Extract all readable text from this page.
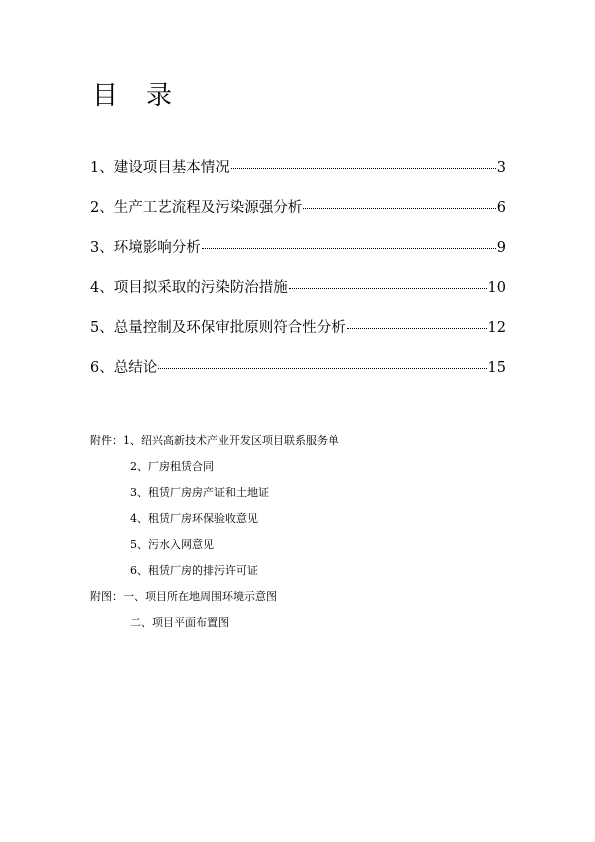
目录
1、建设项目基本情况	3
2、生产工艺流程及污染源强分析	6
3、环境影响分析	9
4、项目拟采取的污染防治措施	10
5、总量控制及环保审批原则符合性分析	12
6、总结论	15
附件：1、绍兴高新技术产业开发区项目联系服务单
2、厂房租赁合同
3、租赁厂房房产证和土地证
4、租赁厂房环保验收意见
5、污水入网意见
6、租赁厂房的排污许可证
附图：一、项目所在地周围环境示意图
二、项目平面布置图
